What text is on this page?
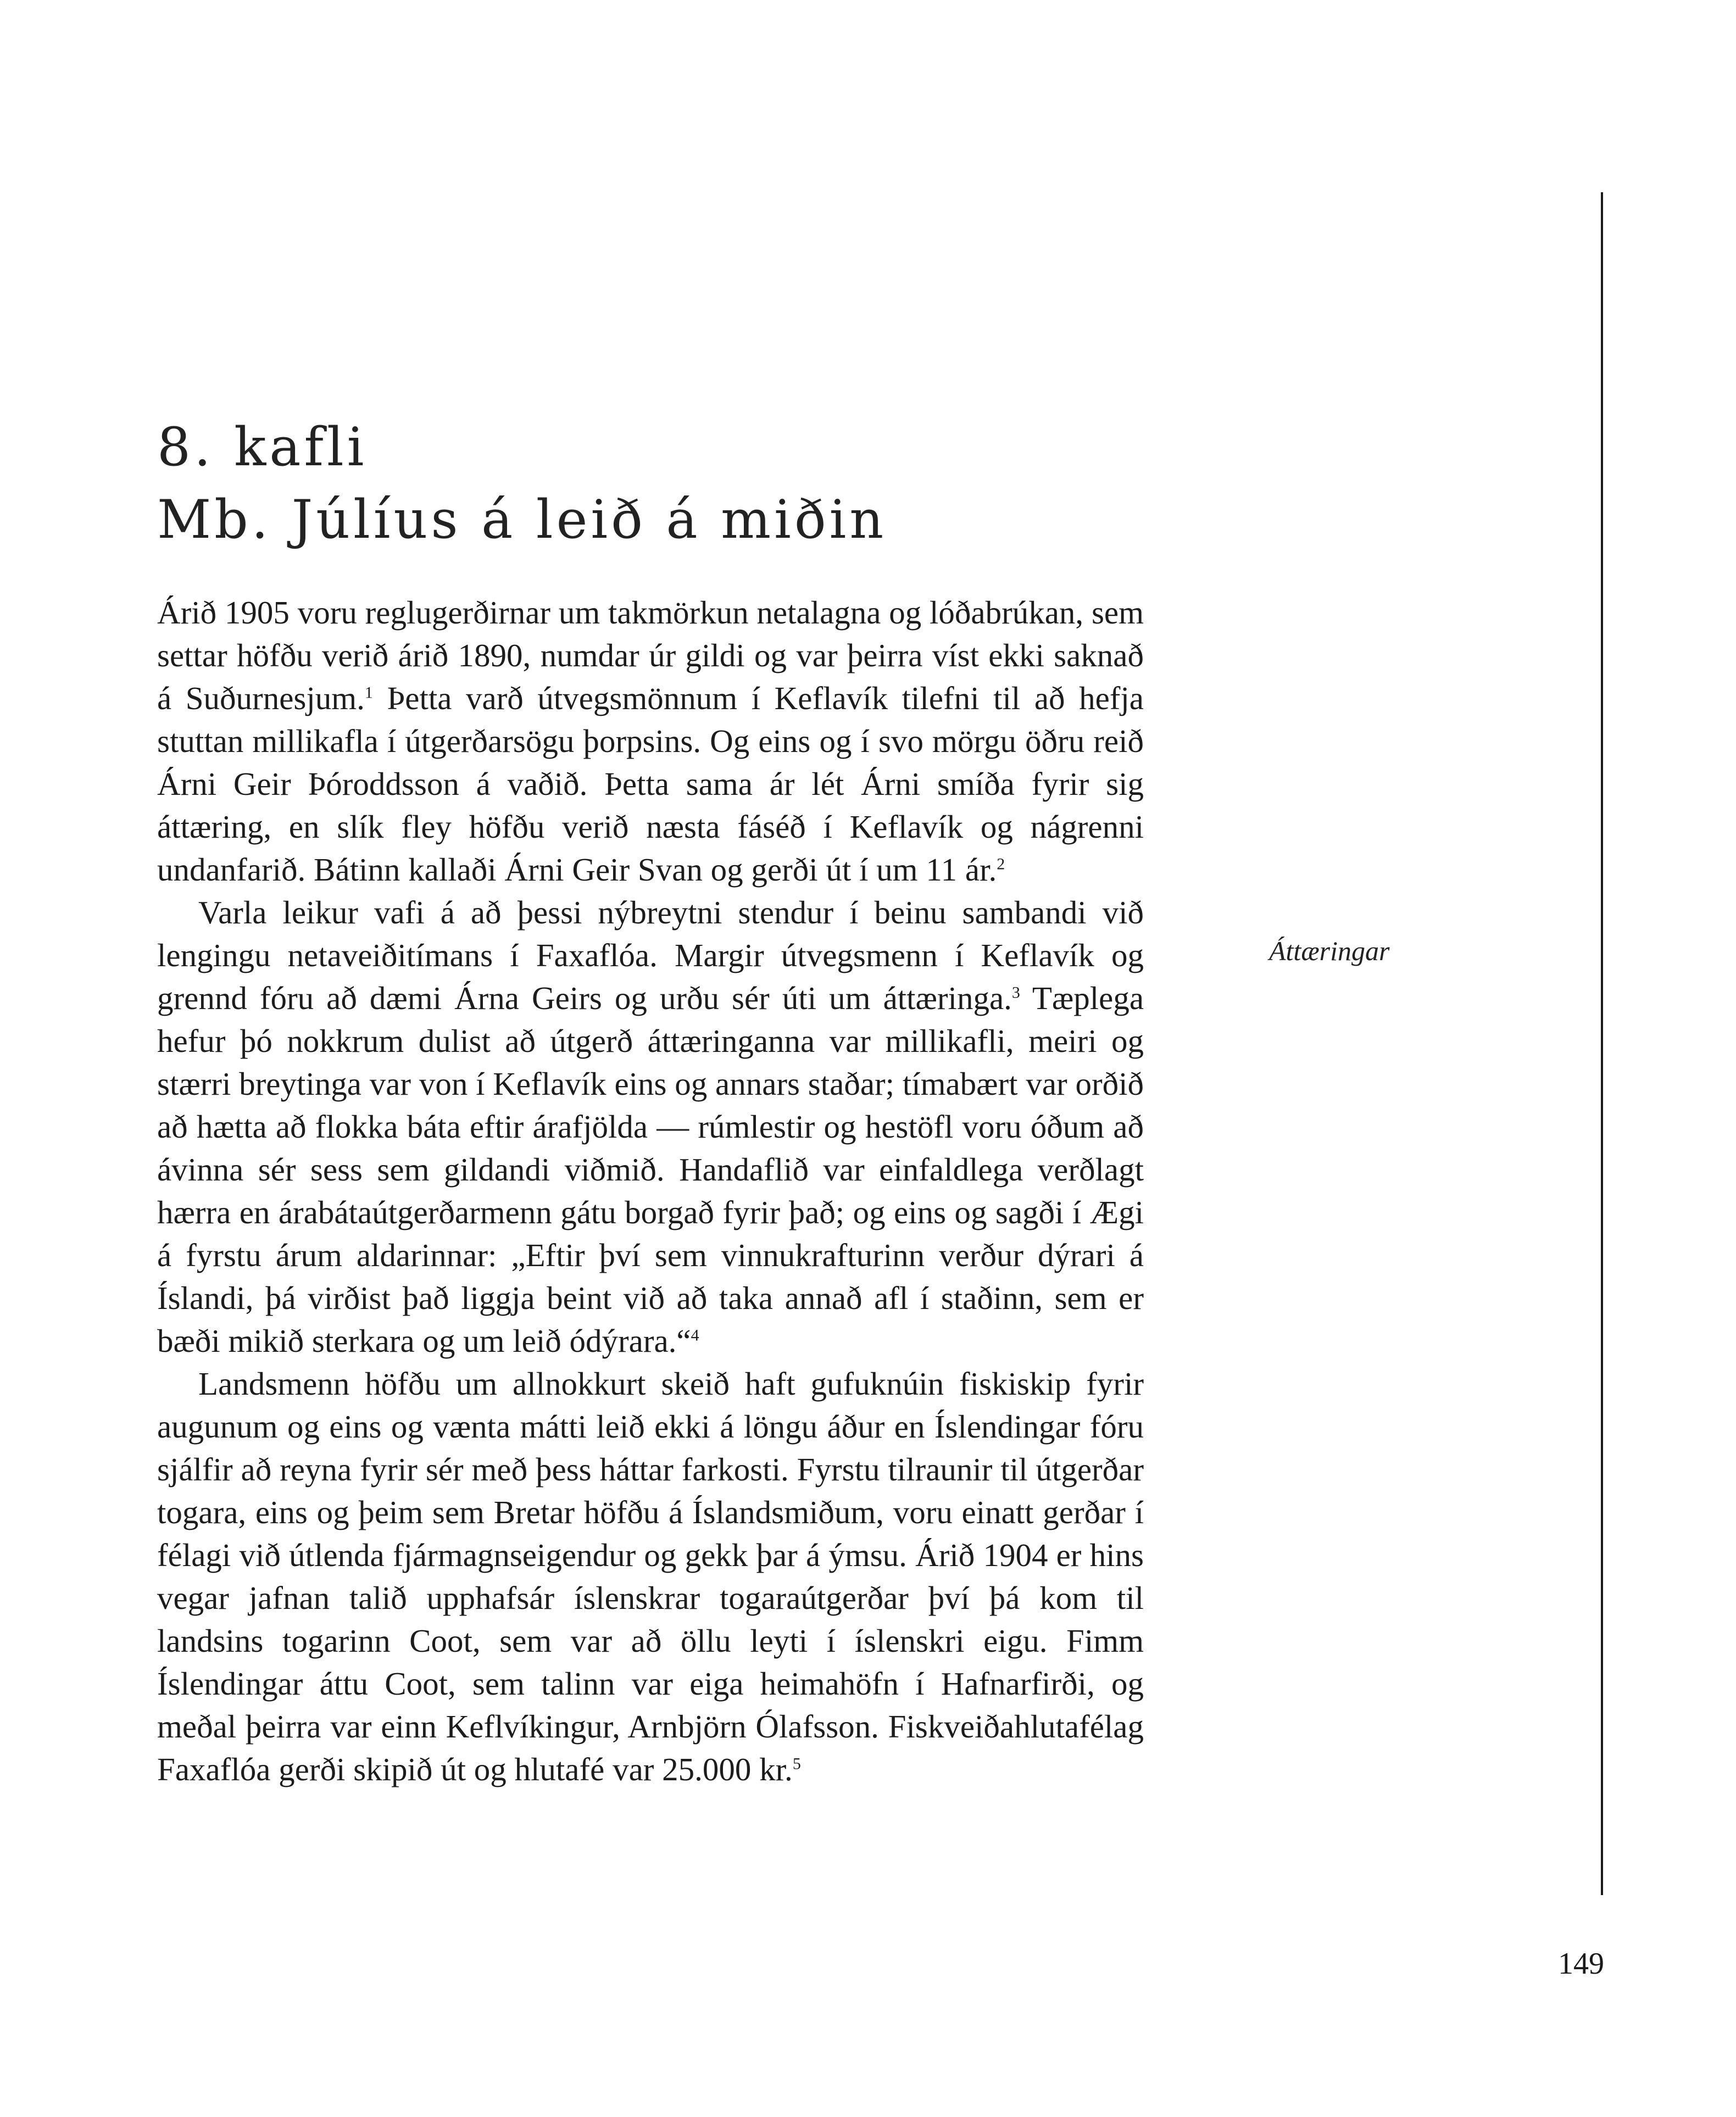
8. kafli
Mb. Júlíus á leið á miðin

Árið 1905 voru reglugerðirnar um takmörkun netalagna og lóðabrúkan, sem settar höfðu verið árið 1890, numdar úr gildi og var þeirra víst ekki saknað á Suðurnesjum.$^1$ Þetta varð útvegsmönnum í Keflavík tilefni til að hefja stuttan millikafla í útgerðarsögu þorpsins. Og eins og í svo mörgu öðru reið Árni Geir Þóroddsson á vaðið. Þetta sama ár lét Árni smíða fyrir sig áttæring, en slík fley höfðu verið næsta fáséð í Keflavík og nágrenni undanfarið. Bátinn kallaði Árni Geir Svan og gerði út í um 11 ár.$^2$

Varla leikur vafi á að þessi nýbreytni stendur í beinu sambandi við lengingu netaveiðitímans í Faxaflóa. Margir útvegsmenn í Keflavík og grennd fóru að dæmi Árna Geirs og urðu sér úti um áttæringa.$^3$ Tæplega hefur þó nokkrum dulist að útgerð áttæringanna var millikafli, meiri og stærri breytinga var von í Keflavík eins og annars staðar; tímabært var orðið að hætta að flokka báta eftir árafjölda — rúmlestir og hestöfl voru óðum að ávinna sér sess sem gildandi viðmið. Handaflið var einfaldlega verðlagt hærra en árabátaútgerðarmenn gátu borgað fyrir það; og eins og sagði í Ægi á fyrstu árum aldarinnar: „Eftir því sem vinnukrafturinn verður dýrari á Íslandi, þá virðist það liggja beint við að taka annað afl í staðinn, sem er bæði mikið sterkara og um leið ódýrara.“$^4$

Landsmenn höfðu um allnokkurt skeið haft gufuknúin fiskiskip fyrir augunum og eins og vænta mátti leið ekki á löngu áður en Íslendingar fóru sjálfir að reyna fyrir sér með þess háttar farkosti. Fyrstu tilraunir til útgerðar togara, eins og þeim sem Bretar höfðu á Íslandsmiðum, voru einatt gerðar í félagi við útlenda fjármagnseigendur og gekk þar á ýmsu. Árið 1904 er hins vegar jafnan talið upphafsár íslenskrar togaraútgerðar því þá kom til landsins togarinn Coot, sem var að öllu leyti í íslenskri eigu. Fimm Íslendingar áttu Coot, sem talinn var eiga heimahöfn í Hafnarfirði, og meðal þeirra var einn Keflvíkingur, Arnbjörn Ólafsson. Fiskveiðahlutafélag Faxaflóa gerði skipið út og hlutafé var 25.000 kr.$^5$

Áttæringar
149
